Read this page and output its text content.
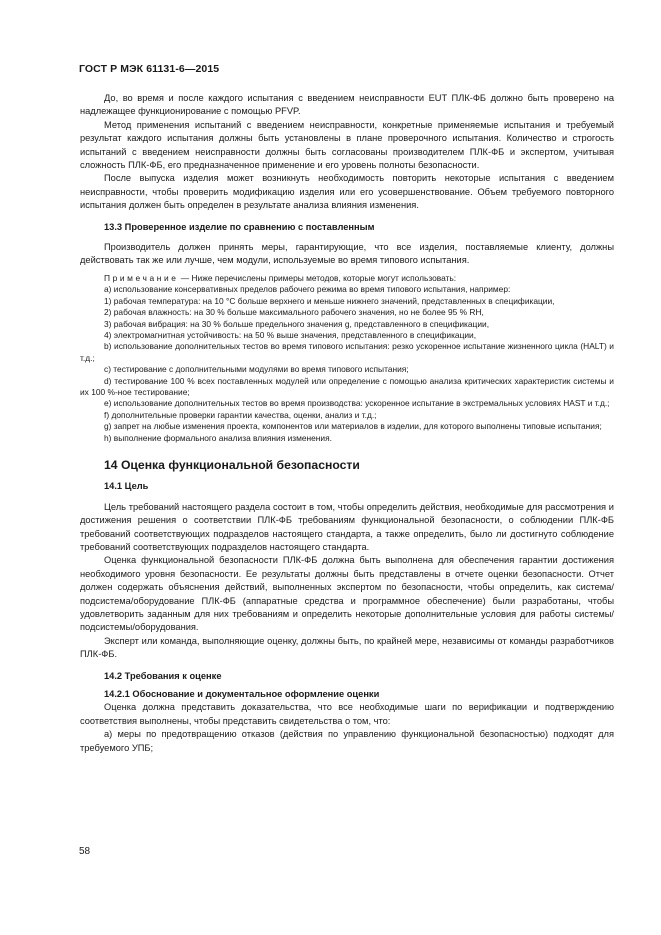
ГОСТ Р МЭК 61131-6—2015

До, во время и после каждого испытания с введением неисправности EUT ПЛК-ФБ должно быть проверено на надлежащее функционирование с помощью PFVP.

Метод применения испытаний с введением неисправности, конкретные применяемые испытания и требуемый результат каждого испытания должны быть установлены в плане проверочного испытания. Количество и строгость испытаний с введением неисправности должны быть согласованы производителем ПЛК-ФБ и экспертом, учитывая сложность ПЛК-ФБ, его предназначенное применение и его уровень полноты безопасности.

После выпуска изделия может возникнуть необходимость повторить некоторые испытания с введением неисправности, чтобы проверить модификацию изделия или его усовершенствование. Объем требуемого повторного испытания должен быть определен в результате анализа влияния изменения.

13.3 Проверенное изделие по сравнению с поставленным

Производитель должен принять меры, гарантирующие, что все изделия, поставляемые клиенту, должны действовать так же или лучше, чем модули, используемые во время типового испытания.

Примечание — Ниже перечислены примеры методов, которые могут использовать:

а) использование консервативных пределов рабочего режима во время типового испытания, например:

1) рабочая температура: на 10 °С больше верхнего и меньше нижнего значений, представленных в спецификации,

2) рабочая влажность: на 30 % больше максимального рабочего значения, но не более 95 % RH,

3) рабочая вибрация: на 30 % больше предельного значения g, представленного в спецификации,

4) электромагнитная устойчивость: на 50 % выше значения, представленного в спецификации,

b) использование дополнительных тестов во время типового испытания: резко ускоренное испытание жизненного цикла (HALT) и т.д.;

c) тестирование с дополнительными модулями во время типового испытания;

d) тестирование 100 % всех поставленных модулей или определение с помощью анализа критических характеристик системы и их 100 %-ное тестирование;

e) использование дополнительных тестов во время производства: ускоренное испытание в экстремальных условиях HAST и т.д.;

f) дополнительные проверки гарантии качества, оценки, анализ и т.д.;

g) запрет на любые изменения проекта, компонентов или материалов в изделии, для которого выполнены типовые испытания;

h) выполнение формального анализа влияния изменения.

14 Оценка функциональной безопасности

14.1 Цель

Цель требований настоящего раздела состоит в том, чтобы определить действия, необходимые для рассмотрения и достижения решения о соответствии ПЛК-ФБ требованиям функциональной безопасности, о соблюдении ПЛК-ФБ требований соответствующих подразделов настоящего стандарта, а также определить, было ли достигнуто соблюдение требований соответствующих подразделов настоящего стандарта.

Оценка функциональной безопасности ПЛК-ФБ должна быть выполнена для обеспечения гарантии достижения необходимого уровня безопасности. Ее результаты должны быть представлены в отчете оценки безопасности. Отчет должен содержать объяснения действий, выполненных экспертом по безопасности, чтобы определить, как система/подсистема/оборудование ПЛК-ФБ (аппаратные средства и программное обеспечение) были разработаны, чтобы удовлетворить заданным для них требованиям и определить некоторые дополнительные условия для работы системы/подсистемы/оборудования.

Эксперт или команда, выполняющие оценку, должны быть, по крайней мере, независимы от команды разработчиков ПЛК-ФБ.

14.2 Требования к оценке

14.2.1 Обоснование и документальное оформление оценки

Оценка должна представить доказательства, что все необходимые шаги по верификации и подтверждению соответствия выполнены, чтобы представить свидетельства о том, что:

а) меры по предотвращению отказов (действия по управлению функциональной безопасностью) подходят для требуемого УПБ;

58
